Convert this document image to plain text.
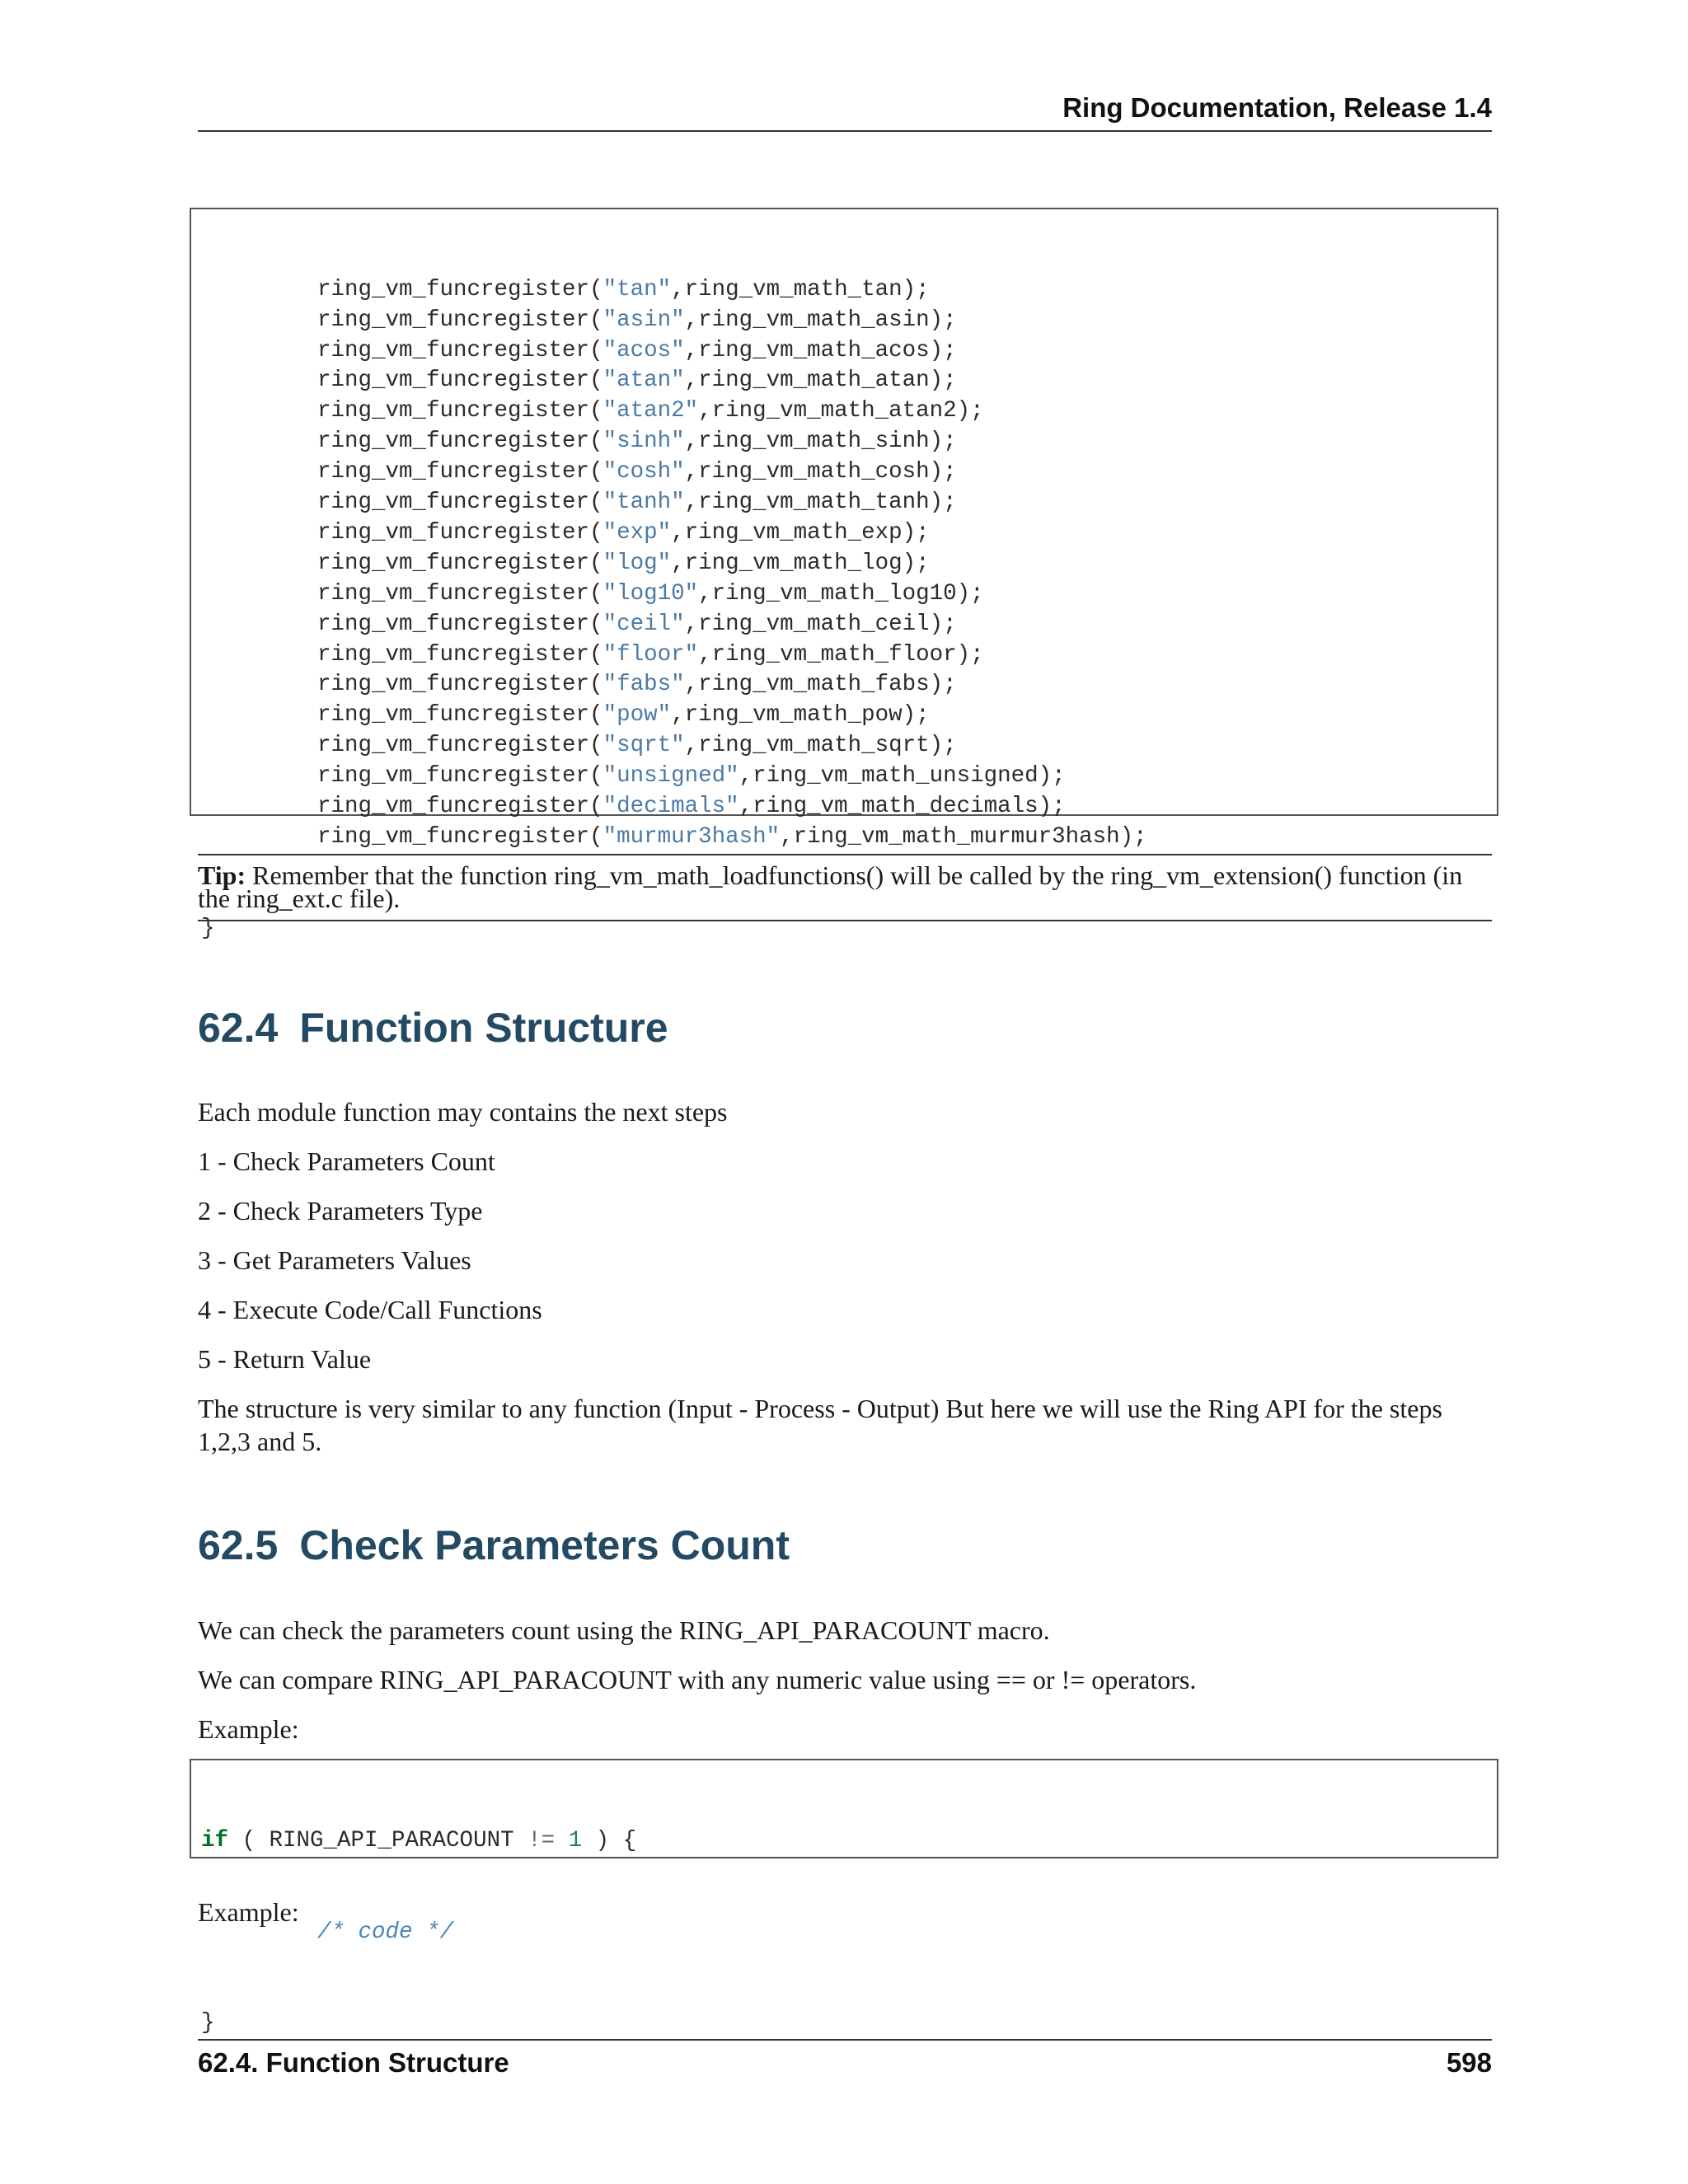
Ring Documentation, Release 1.4

ring_vm_funcregister("tan",ring_vm_math_tan);
ring_vm_funcregister("asin",ring_vm_math_asin);
ring_vm_funcregister("acos",ring_vm_math_acos);
ring_vm_funcregister("atan",ring_vm_math_atan);
ring_vm_funcregister("atan2",ring_vm_math_atan2);
ring_vm_funcregister("sinh",ring_vm_math_sinh);
ring_vm_funcregister("cosh",ring_vm_math_cosh);
ring_vm_funcregister("tanh",ring_vm_math_tanh);
ring_vm_funcregister("exp",ring_vm_math_exp);
ring_vm_funcregister("log",ring_vm_math_log);
ring_vm_funcregister("log10",ring_vm_math_log10);
ring_vm_funcregister("ceil",ring_vm_math_ceil);
ring_vm_funcregister("floor",ring_vm_math_floor);
ring_vm_funcregister("fabs",ring_vm_math_fabs);
ring_vm_funcregister("pow",ring_vm_math_pow);
ring_vm_funcregister("sqrt",ring_vm_math_sqrt);
ring_vm_funcregister("unsigned",ring_vm_math_unsigned);
ring_vm_funcregister("decimals",ring_vm_math_decimals);
ring_vm_funcregister("murmur3hash",ring_vm_math_murmur3hash);

}

Tip: Remember that the function ring_vm_math_loadfunctions() will be called by the ring_vm_extension() function (in the ring_ext.c file).
62.4 Function Structure

Each module function may contains the next steps

1 - Check Parameters Count

2 - Check Parameters Type

3 - Get Parameters Values

4 - Execute Code/Call Functions

5 - Return Value

The structure is very similar to any function (Input - Process - Output) But here we will use the Ring API for the steps 1,2,3 and 5.

62.5 Check Parameters Count

We can check the parameters count using the RING_API_PARACOUNT macro.

We can compare RING_API_PARACOUNT with any numeric value using == or != operators.

Example:

if ( RING_API_PARACOUNT != 1 ) {

/* code */

}

Example:

62.4. Function Structure	598
